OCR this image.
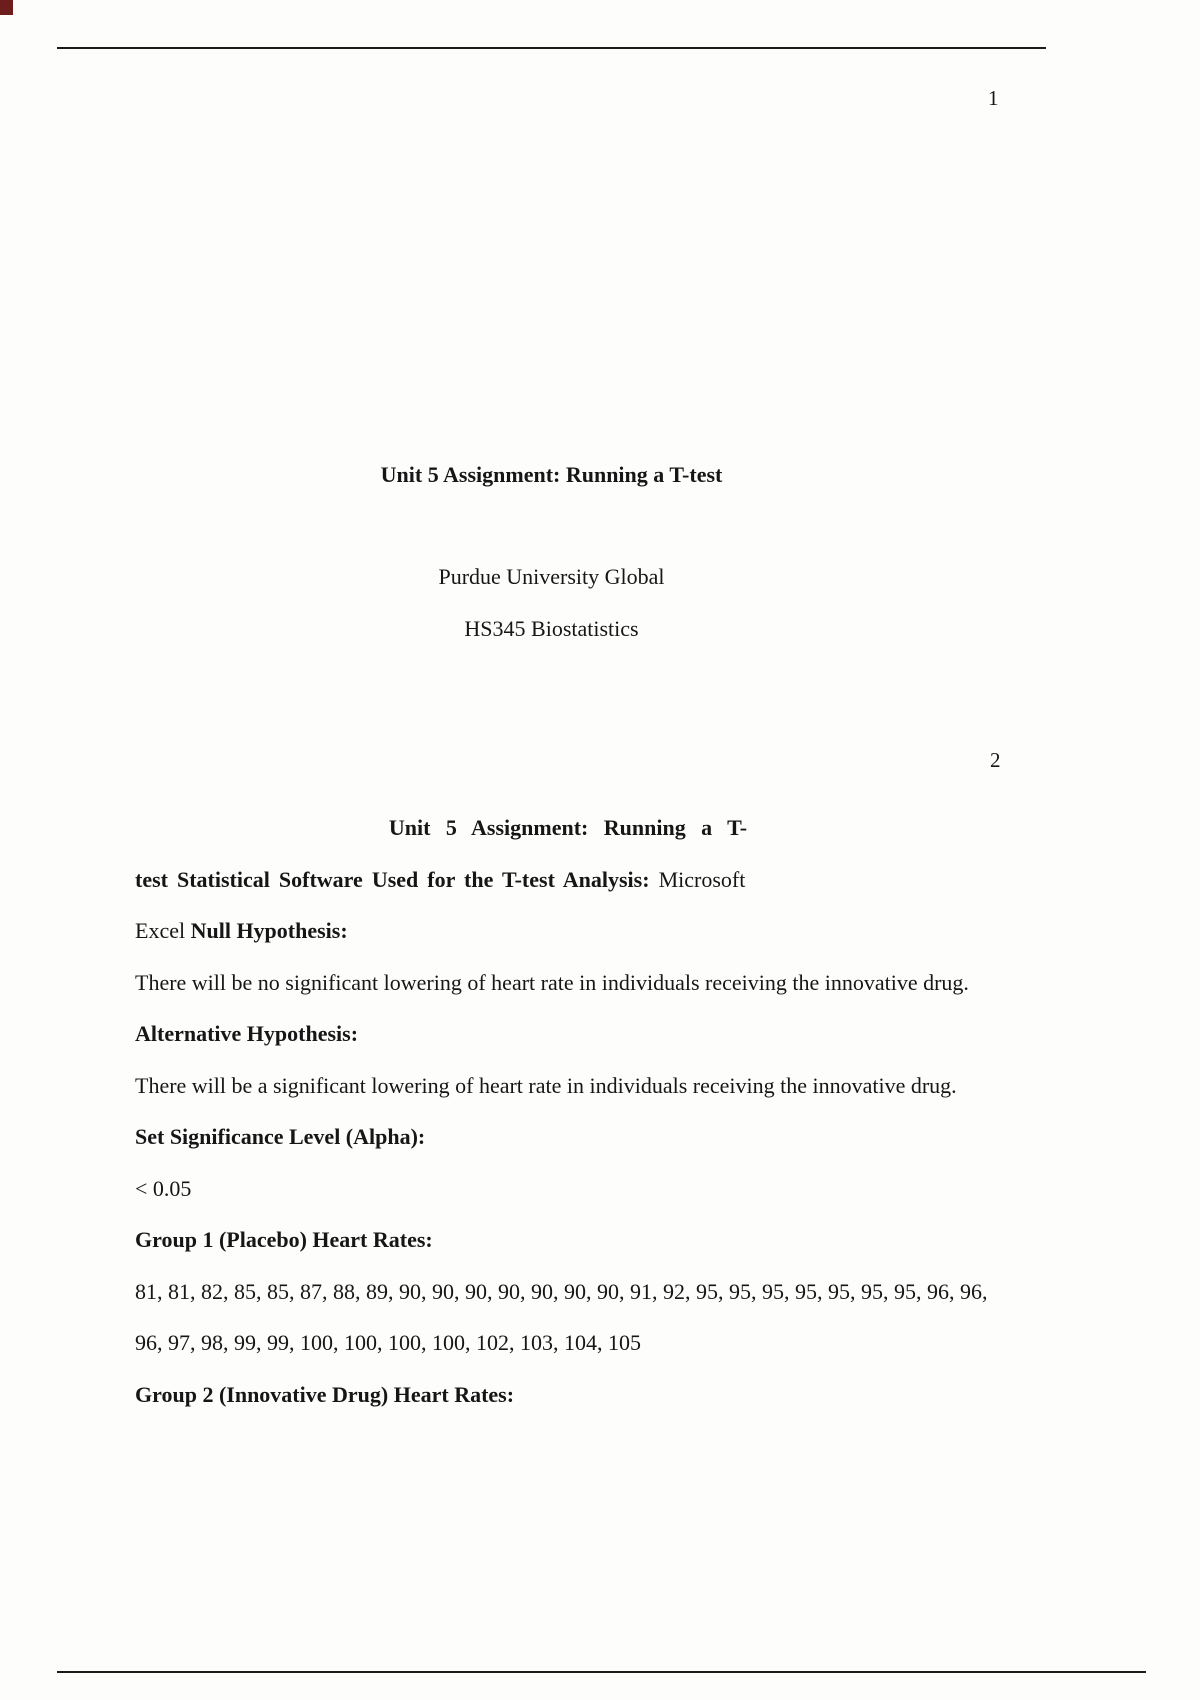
1
Unit 5 Assignment: Running a T-test
Purdue University Global
HS345 Biostatistics
2
Unit 5 Assignment: Running a T-
test Statistical Software Used for the T-test Analysis: Microsoft
Excel Null Hypothesis:
There will be no significant lowering of heart rate in individuals receiving the innovative drug.
Alternative Hypothesis:
There will be a significant lowering of heart rate in individuals receiving the innovative drug.
Set Significance Level (Alpha):
< 0.05
Group 1 (Placebo) Heart Rates:
81, 81, 82, 85, 85, 87, 88, 89, 90, 90, 90, 90, 90, 90, 90, 91, 92, 95, 95, 95, 95, 95, 95, 95, 96, 96,
96, 97, 98, 99, 99, 100, 100, 100, 100, 102, 103, 104, 105
Group 2 (Innovative Drug) Heart Rates:
